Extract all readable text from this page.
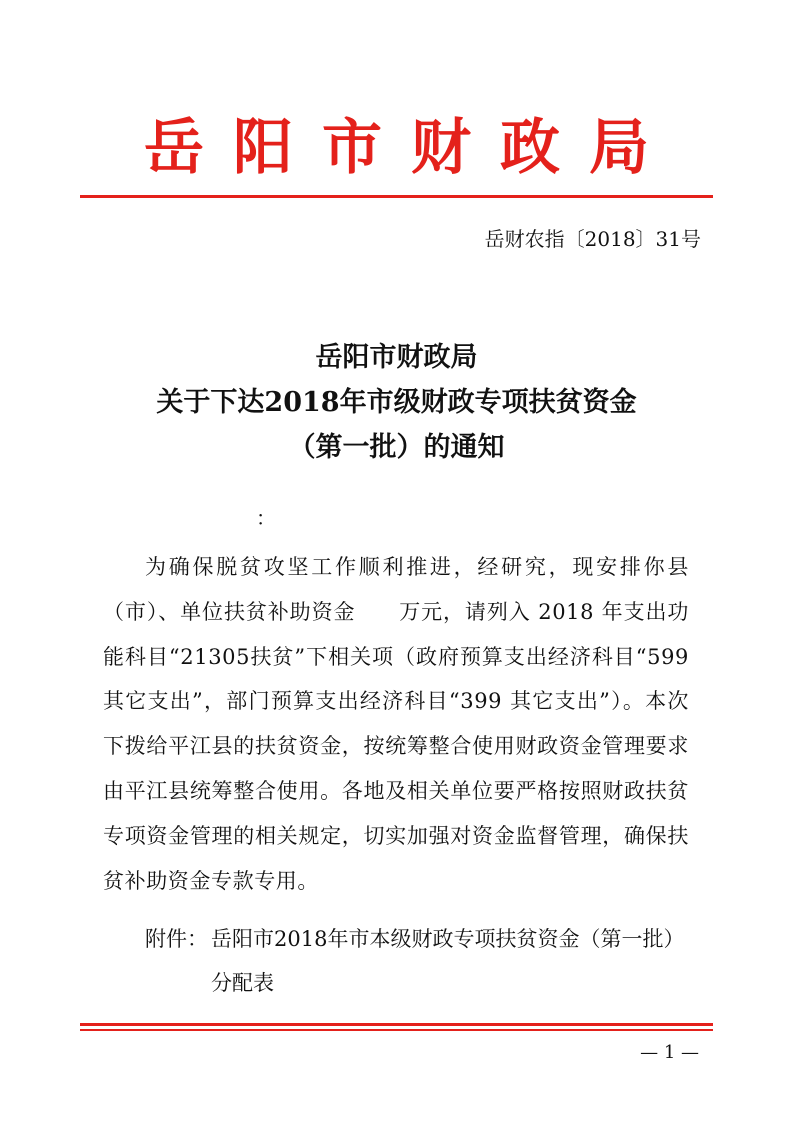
岳阳市财政局
岳财农指〔2018〕31号
岳阳市财政局
关于下达2018年市级财政专项扶贫资金
（第一批）的通知
：

为确保脱贫攻坚工作顺利推进，经研究，现安排你县（市）、单位扶贫补助资金　　万元，请列入 2018 年支出功能科目“21305扶贫”下相关项（政府预算支出经济科目“599 其它支出”，部门预算支出经济科目“399 其它支出”）。本次下拨给平江县的扶贫资金，按统筹整合使用财政资金管理要求由平江县统筹整合使用。各地及相关单位要严格按照财政扶贫专项资金管理的相关规定，切实加强对资金监督管理，确保扶贫补助资金专款专用。

附件： 岳阳市2018年市本级财政专项扶贫资金（第一批）
分配表
— 1 —
